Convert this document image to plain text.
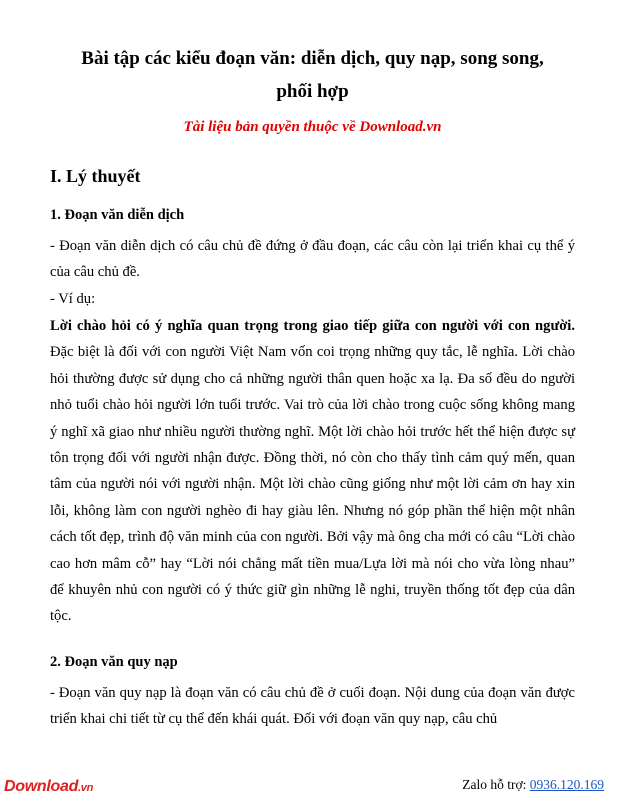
Bài tập các kiểu đoạn văn: diễn dịch, quy nạp, song song,
phối hợp
Tài liệu bản quyền thuộc về Download.vn
I. Lý thuyết
1. Đoạn văn diễn dịch

- Đoạn văn diễn dịch có câu chủ đề đứng ở đầu đoạn, các câu còn lại triển khai cụ thể ý của câu chủ đề.

- Ví dụ:

Lời chào hỏi có ý nghĩa quan trọng trong giao tiếp giữa con người với con người. Đặc biệt là đối với con người Việt Nam vốn coi trọng những quy tắc, lễ nghĩa. Lời chào hỏi thường được sử dụng cho cả những người thân quen hoặc xa lạ. Đa số đều do người nhỏ tuổi chào hỏi người lớn tuổi trước. Vai trò của lời chào trong cuộc sống không mang ý nghĩ xã giao như nhiều người thường nghĩ. Một lời chào hỏi trước hết thể hiện được sự tôn trọng đối với người nhận được. Đồng thời, nó còn cho thấy tình cảm quý mến, quan tâm của người nói với người nhận. Một lời chào cũng giống như một lời cảm ơn hay xin lỗi, không làm con người nghèo đi hay giàu lên. Nhưng nó góp phần thể hiện một nhân cách tốt đẹp, trình độ văn minh của con người. Bởi vậy mà ông cha mới có câu “Lời chào cao hơn mâm cỗ” hay “Lời nói chẳng mất tiền mua/Lựa lời mà nói cho vừa lòng nhau” để khuyên nhủ con người có ý thức giữ gìn những lễ nghi, truyền thống tốt đẹp của dân tộc.

2. Đoạn văn quy nạp

- Đoạn văn quy nạp là đoạn văn có câu chủ đề ở cuối đoạn. Nội dung của đoạn văn được triển khai chi tiết từ cụ thể đến khái quát. Đối với đoạn văn quy nạp, câu chủ

Download.vn	Zalo hỗ trợ: 0936.120.169
